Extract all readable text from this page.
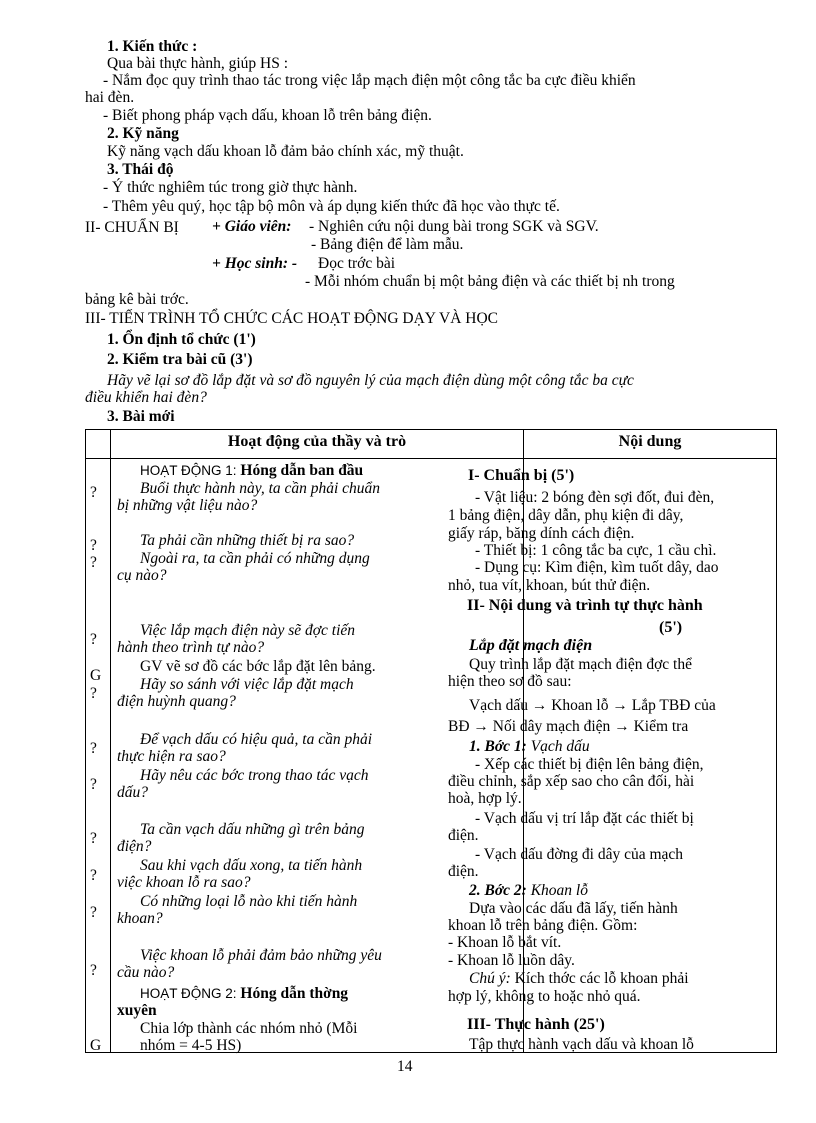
1. Kiến thức :
Qua bài thực hành, giúp HS :
- Nắm đọc quy trình thao tác trong việc lắp mạch điện một công tắc ba cực điều khiển
hai đèn.
- Biết phong pháp vạch dấu, khoan lỗ trên bảng điện.
2. Kỹ năng
Kỹ năng vạch dấu khoan lỗ đảm bảo chính xác, mỹ thuật.
3. Thái độ
- Ý thức nghiêm túc trong giờ thực hành.
- Thêm yêu quý, học tập bộ môn và áp dụng kiến thức đã học vào thực tế.
II- CHUẨN BỊ + Giáo viên: - Nghiên cứu nội dung bài trong SGK và SGV.
- Bảng điện để làm mẫu.
+ Học sinh: - Đọc trớc bài
- Mỗi nhóm chuẩn bị một bảng điện và các thiết bị nh trong
bảng kê bài trớc.
III- TIẾN TRÌNH TỔ CHỨC CÁC HOẠT ĐỘNG DẠY VÀ HỌC
1. Ổn định tổ chức (1')
2. Kiểm tra bài cũ (3')
Hãy vẽ lại sơ đồ lắp đặt và sơ đồ nguyên lý của mạch điện dùng một công tắc ba cực
điều khiển hai đèn?
3. Bài mới
Hoạt động của thầy và trò	Nội dung
?
?
?
?
G
?
?
?
?
?
?
?
G
HOẠT ĐỘNG 1: Hóng dẫn ban đầu
Buổi thực hành này, ta cần phải chuẩn
bị những vật liệu nào?
Ta phải cần những thiết bị ra sao?
Ngoài ra, ta cần phải có những dụng
cụ nào?
Việc lắp mạch điện này sẽ đợc tiến
hành theo trình tự nào?
GV vẽ sơ đồ các bớc lắp đặt lên bảng.
Hãy so sánh với việc lắp đặt mạch
điện huỳnh quang?
Để vạch dấu có hiệu quả, ta cần phải
thực hiện ra sao?
Hãy nêu các bớc trong thao tác vạch
dấu?
Ta cần vạch dấu những gì trên bảng
điện?
Sau khi vạch dấu xong, ta tiến hành
việc khoan lỗ ra sao?
Có những loại lỗ nào khi tiến hành
khoan?
Việc khoan lỗ phải đảm bảo những yêu
cầu nào?
HOẠT ĐỘNG 2: Hóng dẫn thờng
xuyên
Chia lớp thành các nhóm nhỏ (Mỗi
nhóm = 4-5 HS)
I- Chuẩn bị (5')
- Vật liệu: 2 bóng đèn sợi đốt, đui đèn,
1 bảng điện, dây dẫn, phụ kiện đi dây,
giấy ráp, băng dính cách điện.
- Thiết bị: 1 công tắc ba cực, 1 cầu chì.
- Dụng cụ: Kìm điện, kìm tuốt dây, dao
nhỏ, tua vít, khoan, bút thử điện.
II- Nội dung và trình tự thực hành
(5')
Lắp đặt mạch điện
Quy trình lắp đặt mạch điện đợc thể
hiện theo sơ đồ sau:
Vạch dấu → Khoan lỗ → Lắp TBĐ của
BĐ → Nối dây mạch điện → Kiểm tra
1. Bớc 1: Vạch dấu
- Xếp các thiết bị điện lên bảng điện,
điều chỉnh, sắp xếp sao cho cân đối, hài
hoà, hợp lý.
- Vạch dấu vị trí lắp đặt các thiết bị
điện.
- Vạch dấu đờng đi dây của mạch
điện.
2. Bớc 2: Khoan lỗ
Dựa vào các dấu đã lấy, tiến hành
khoan lỗ trên bảng điện. Gồm:
- Khoan lỗ bắt vít.
- Khoan lỗ luồn dây.
Chú ý: Kích thớc các lỗ khoan phải
hợp lý, không to hoặc nhỏ quá.
III- Thực hành (25')
Tập thực hành vạch dấu và khoan lỗ
14
